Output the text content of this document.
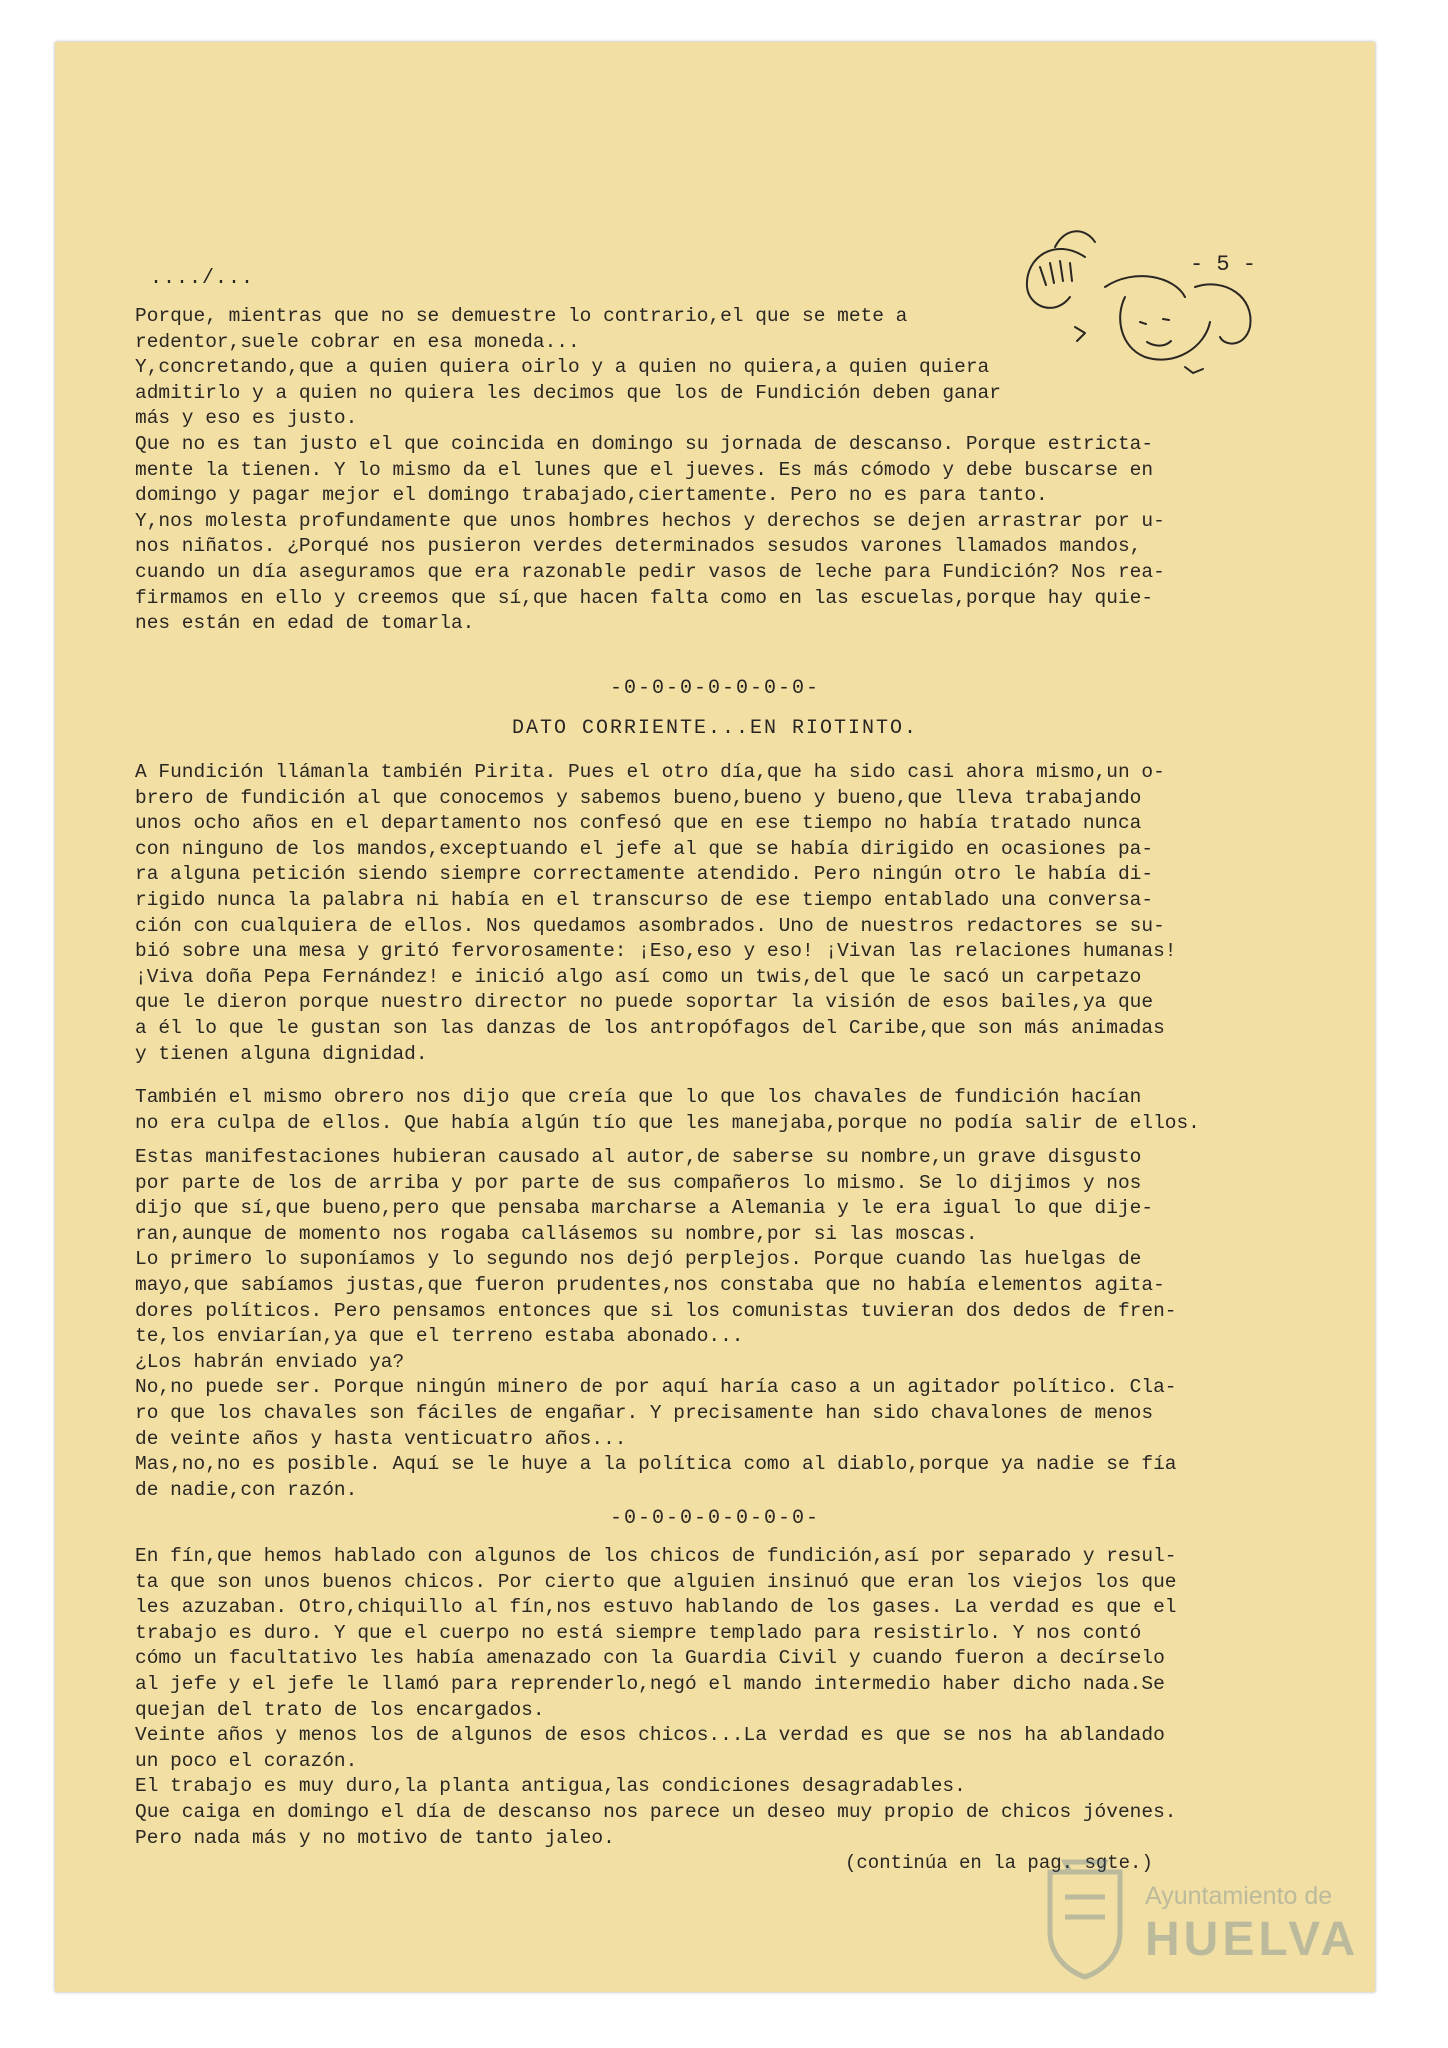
..../...
- 5 -

Porque, mientras que no se demuestre lo contrario,el que se mete a
redentor,suele cobrar en esa moneda...
Y,concretando,que a quien quiera oirlo y a quien no quiera,a quien quiera
admitirlo y a quien no quiera les decimos que los de Fundición deben ganar
más y eso es justo.
Que no es tan justo el que coincida en domingo su jornada de descanso. Porque estricta-
mente la tienen. Y lo mismo da el lunes que el jueves. Es más cómodo y debe buscarse en
domingo y pagar mejor el domingo trabajado,ciertamente. Pero no es para tanto.
Y,nos molesta profundamente que unos hombres hechos y derechos se dejen arrastrar por u-
nos niñatos. ¿Porqué nos pusieron verdes determinados sesudos varones llamados mandos,
cuando un día aseguramos que era razonable pedir vasos de leche para Fundición? Nos rea-
firmamos en ello y creemos que sí,que hacen falta como en las escuelas,porque hay quie-
nes están en edad de tomarla.

-0-0-0-0-0-0-0-
DATO CORRIENTE...EN RIOTINTO.

A Fundición llámanla también Pirita. Pues el otro día,que ha sido casi ahora mismo,un o-
brero de fundición al que conocemos y sabemos bueno,bueno y bueno,que lleva trabajando
unos ocho años en el departamento nos confesó que en ese tiempo no había tratado nunca
con ninguno de los mandos,exceptuando el jefe al que se había dirigido en ocasiones pa-
ra alguna petición siendo siempre correctamente atendido. Pero ningún otro le había di-
rigido nunca la palabra ni había en el transcurso de ese tiempo entablado una conversa-
ción con cualquiera de ellos. Nos quedamos asombrados. Uno de nuestros redactores se su-
bió sobre una mesa y gritó fervorosamente: ¡Eso,eso y eso! ¡Vivan las relaciones humanas!
¡Viva doña Pepa Fernández! e inició algo así como un twis,del que le sacó un carpetazo
que le dieron porque nuestro director no puede soportar la visión de esos bailes,ya que
a él lo que le gustan son las danzas de los antropófagos del Caribe,que son más animadas
y tienen alguna dignidad.

También el mismo obrero nos dijo que creía que lo que los chavales de fundición hacían
no era culpa de ellos. Que había algún tío que les manejaba,porque no podía salir de ellos.

Estas manifestaciones hubieran causado al autor,de saberse su nombre,un grave disgusto
por parte de los de arriba y por parte de sus compañeros lo mismo. Se lo dijimos y nos
dijo que sí,que bueno,pero que pensaba marcharse a Alemania y le era igual lo que dije-
ran,aunque de momento nos rogaba callásemos su nombre,por si las moscas.
Lo primero lo suponíamos y lo segundo nos dejó perplejos. Porque cuando las huelgas de
mayo,que sabíamos justas,que fueron prudentes,nos constaba que no había elementos agita-
dores políticos. Pero pensamos entonces que si los comunistas tuvieran dos dedos de fren-
te,los enviarían,ya que el terreno estaba abonado...
¿Los habrán enviado ya?
No,no puede ser. Porque ningún minero de por aquí haría caso a un agitador político. Cla-
ro que los chavales son fáciles de engañar. Y precisamente han sido chavalones de menos
de veinte años y hasta venticuatro años...
Mas,no,no es posible. Aquí se le huye a la política como al diablo,porque ya nadie se fía
de nadie,con razón.

-0-0-0-0-0-0-0-

En fín,que hemos hablado con algunos de los chicos de fundición,así por separado y resul-
ta que son unos buenos chicos. Por cierto que alguien insinuó que eran los viejos los que
les azuzaban. Otro,chiquillo al fín,nos estuvo hablando de los gases. La verdad es que el
trabajo es duro. Y que el cuerpo no está siempre templado para resistirlo. Y nos contó
cómo un facultativo les había amenazado con la Guardia Civil y cuando fueron a decírselo
al jefe y el jefe le llamó para reprenderlo,negó el mando intermedio haber dicho nada.Se
quejan del trato de los encargados.
Veinte años y menos los de algunos de esos chicos...La verdad es que se nos ha ablandado
un poco el corazón.
El trabajo es muy duro,la planta antigua,las condiciones desagradables.
Que caiga en domingo el día de descanso nos parece un deseo muy propio de chicos jóvenes.
Pero nada más y no motivo de tanto jaleo.

(continúa en la pag. sgte.)
Ayuntamiento de
HUELVA
